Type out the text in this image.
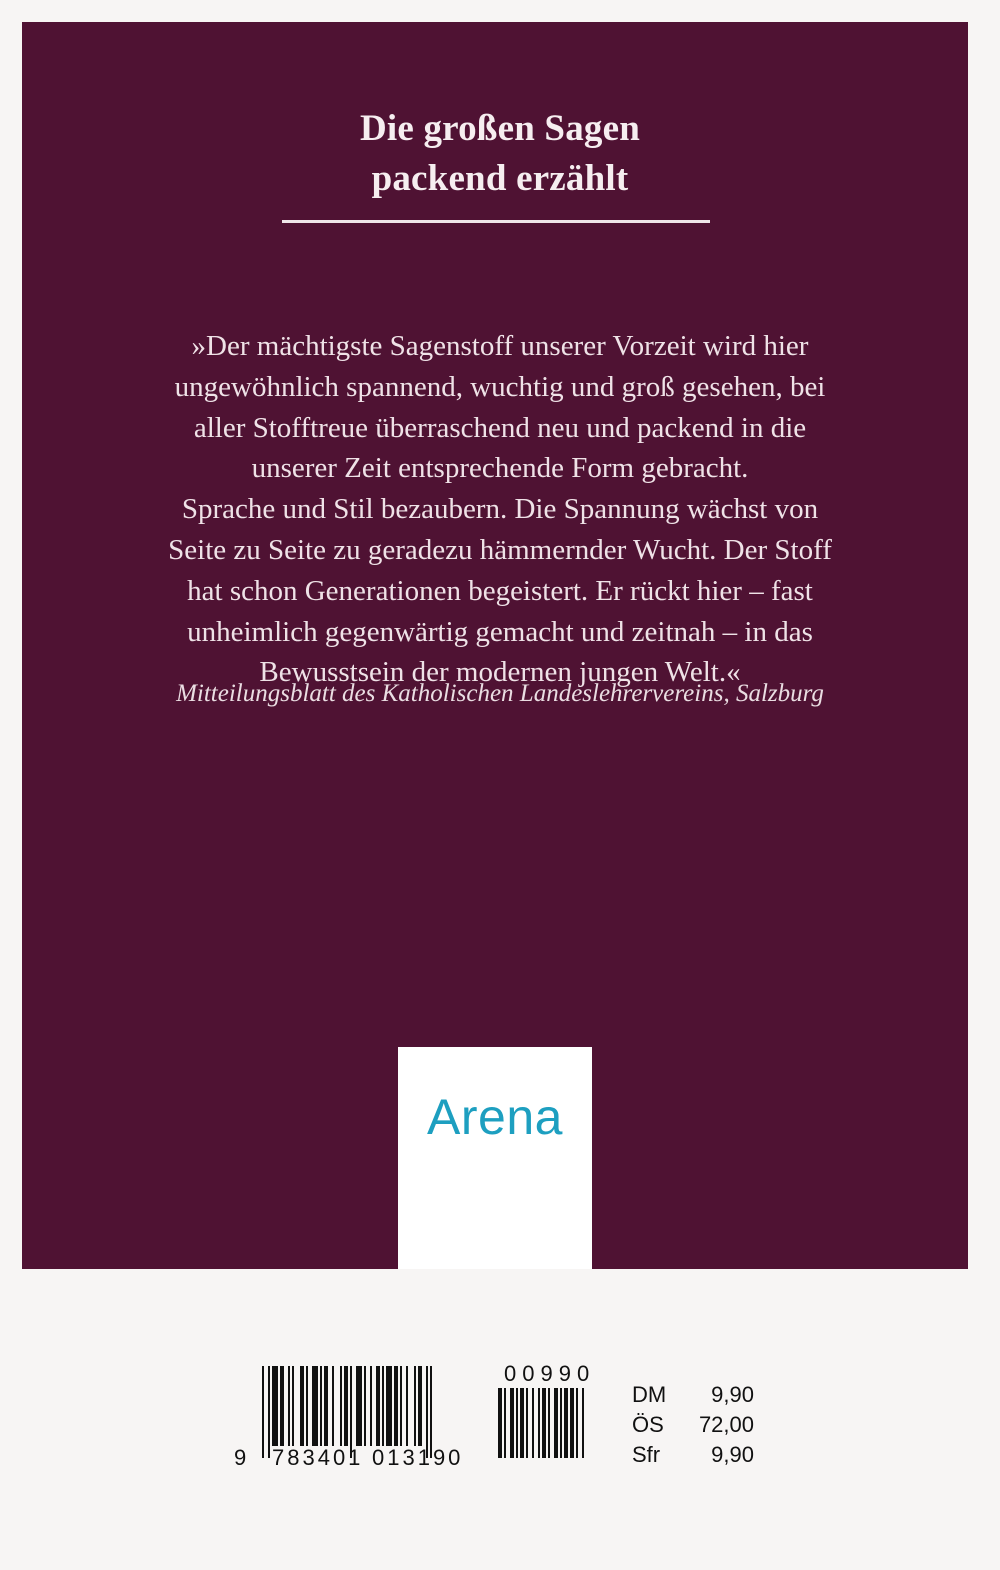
Die großen Sagen
packend erzählt
»Der mächtigste Sagenstoff unserer Vorzeit wird hier
ungewöhnlich spannend, wuchtig und groß gesehen, bei
aller Stofftreue überraschend neu und packend in die
unserer Zeit entsprechende Form gebracht.
Sprache und Stil bezaubern. Die Spannung wächst von
Seite zu Seite zu geradezu hämmernder Wucht. Der Stoff
hat schon Generationen begeistert. Er rückt hier – fast
unheimlich gegenwärtig gemacht und zeitnah – in das
Bewusstsein der modernen jungen Welt.«
Mitteilungsblatt des Katholischen Landeslehrervereins, Salzburg
Arena
9 783401 013190
00990
DM 9,90
ÖS 72,00
Sfr 9,90
